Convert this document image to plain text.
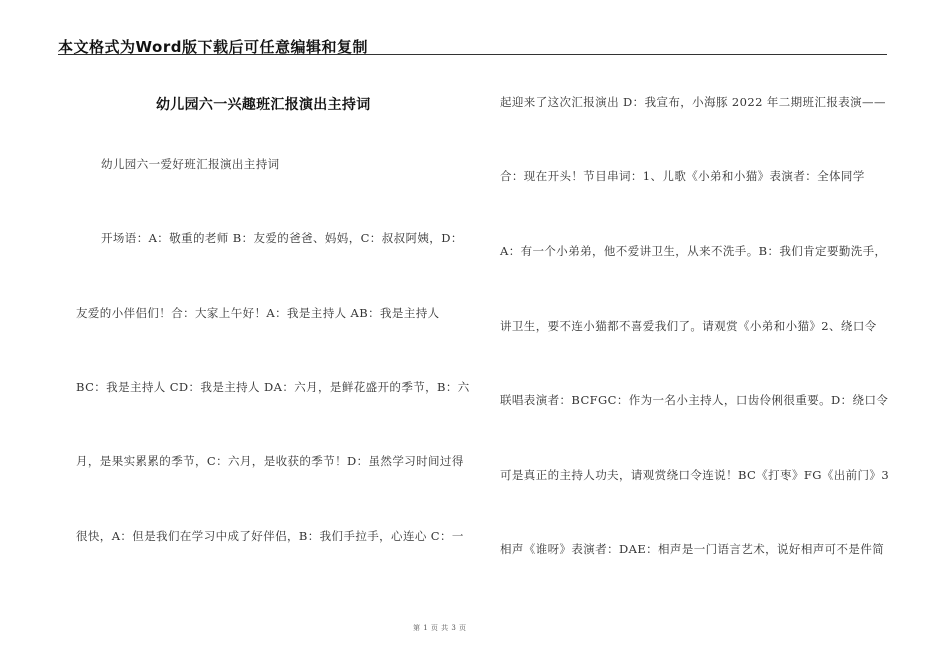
本文格式为Word版下载后可任意编辑和复制
幼儿园六一兴趣班汇报演出主持词
幼儿园六一爱好班汇报演出主持词
开场语：A：敬重的老师 B：友爱的爸爸、妈妈，C：叔叔阿姨，D：
友爱的小伴侣们！合：大家上午好！A：我是主持人 AB：我是主持人
BC：我是主持人 CD：我是主持人 DA：六月，是鲜花盛开的季节，B：六
月，是果实累累的季节，C：六月，是收获的季节！D：虽然学习时间过得
很快，A：但是我们在学习中成了好伴侣，B：我们手拉手，心连心 C：一
起迎来了这次汇报演出 D：我宣布，小海豚 2022 年二期班汇报表演——
合：现在开头！节目串词：1、儿歌《小弟和小猫》表演者：全体同学
A：有一个小弟弟，他不爱讲卫生，从来不洗手。B：我们肯定要勤洗手，
讲卫生，要不连小猫都不喜爱我们了。请观赏《小弟和小猫》2、绕口令
联唱表演者：BCFGC：作为一名小主持人，口齿伶俐很重要。D：绕口令
可是真正的主持人功夫，请观赏绕口令连说！BC《打枣》FG《出前门》3
相声《谁呀》表演者：DAE：相声是一门语言艺术，说好相声可不是件简
第 1 页 共 3 页
